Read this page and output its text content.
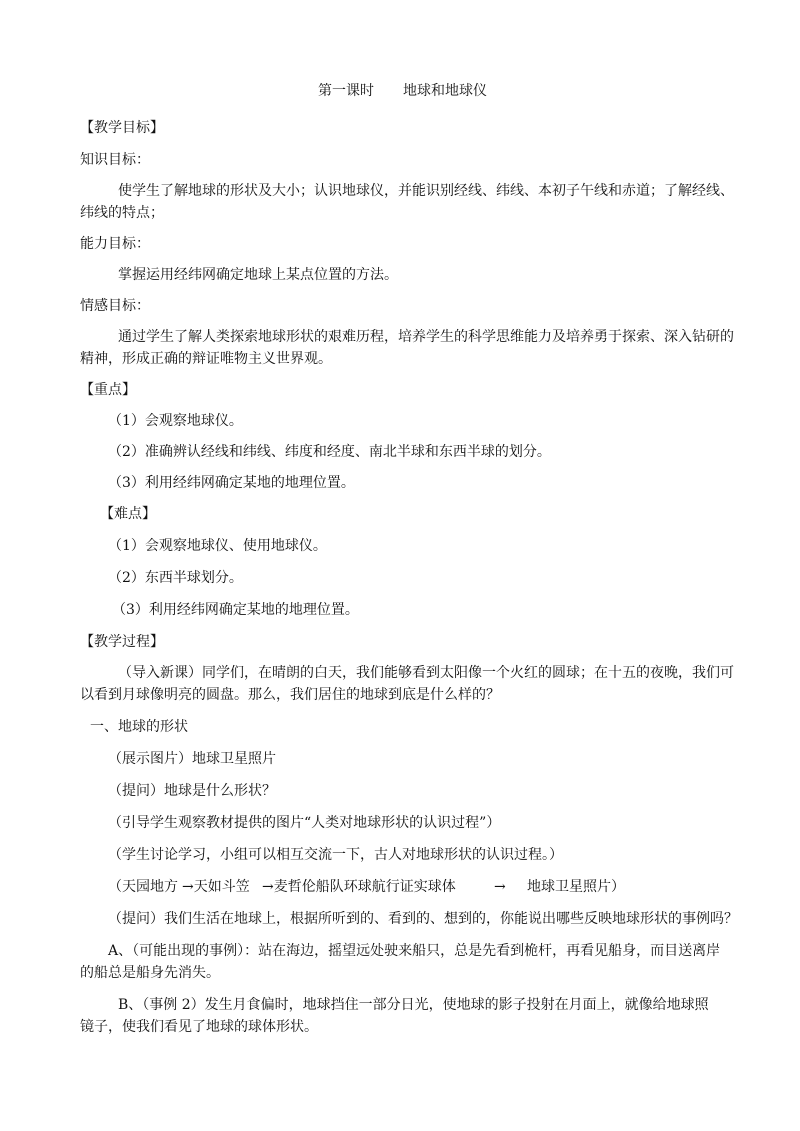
第一课时 地球和地球仪
【教学目标】
知识目标：
使学生了解地球的形状及大小；认识地球仪，并能识别经线、纬线、本初子午线和赤道；了解经线、
纬线的特点；
能力目标：
掌握运用经纬网确定地球上某点位置的方法。
情感目标：
通过学生了解人类探索地球形状的艰难历程，培养学生的科学思维能力及培养勇于探索、深入钻研的
精神，形成正确的辩证唯物主义世界观。
【重点】
（1）会观察地球仪。
（2）准确辨认经线和纬线、纬度和经度、南北半球和东西半球的划分。
（3）利用经纬网确定某地的地理位置。
【难点】
（1）会观察地球仪、使用地球仪。
（2）东西半球划分。
（3）利用经纬网确定某地的地理位置。
【教学过程】
（导入新课）同学们，在晴朗的白天，我们能够看到太阳像一个火红的圆球；在十五的夜晚，我们可
以看到月球像明亮的圆盘。那么，我们居住的地球到底是什么样的？
一、地球的形状
（展示图片）地球卫星照片
（提问）地球是什么形状？
（引导学生观察教材提供的图片“人类对地球形状的认识过程”）
（学生讨论学习，小组可以相互交流一下，古人对地球形状的认识过程。）
（天园地方 →天如斗笠 →麦哲伦船队环球航行证实球体	→ 地球卫星照片）
（提问）我们生活在地球上，根据所听到的、看到的、想到的，你能说出哪些反映地球形状的事例吗？
A、（可能出现的事例）：站在海边，摇望远处驶来船只，总是先看到桅杆，再看见船身，而目送离岸
的船总是船身先消失。
B、（事例 2）发生月食偏时，地球挡住一部分日光，使地球的影子投射在月面上，就像给地球照
镜子，使我们看见了地球的球体形状。
